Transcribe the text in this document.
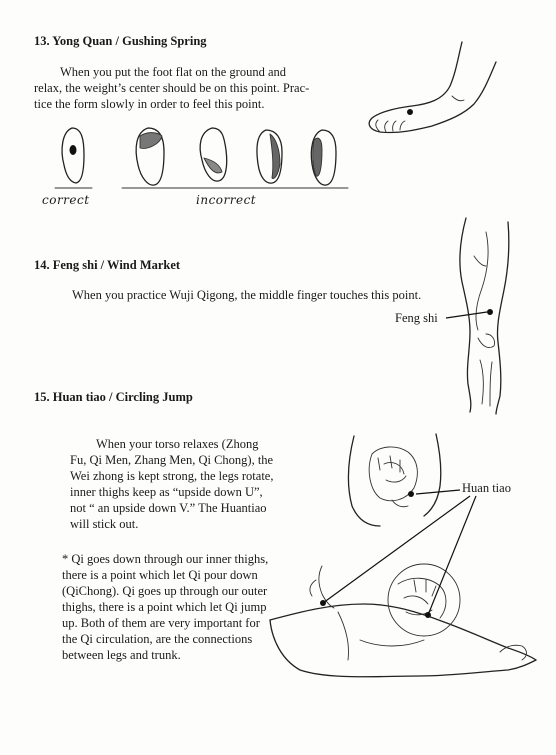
13. Yong Quan / Gushing Spring
When you put the foot flat on the ground and
relax, the weight’s center should be on this point. Prac-
tice the form slowly in order to feel this point.
correct	incorrect
14. Feng shi / Wind Market
When you practice Wuji Qigong, the middle finger touches this point.
Feng shi
15. Huan tiao / Circling Jump
When your torso relaxes (Zhong
Fu, Qi Men, Zhang Men, Qi Chong), the
Wei zhong is kept strong, the legs rotate,
inner thighs keep as “upside down U”,
not “ an upside down V.” The Huantiao
will stick out.
* Qi goes down through our inner thighs,
there is a point which let Qi pour down
(QiChong). Qi goes up through our outer
thighs, there is a point which let Qi jump
up. Both of them are very important for
the Qi circulation, are the connections
between legs and trunk.
Huan tiao
